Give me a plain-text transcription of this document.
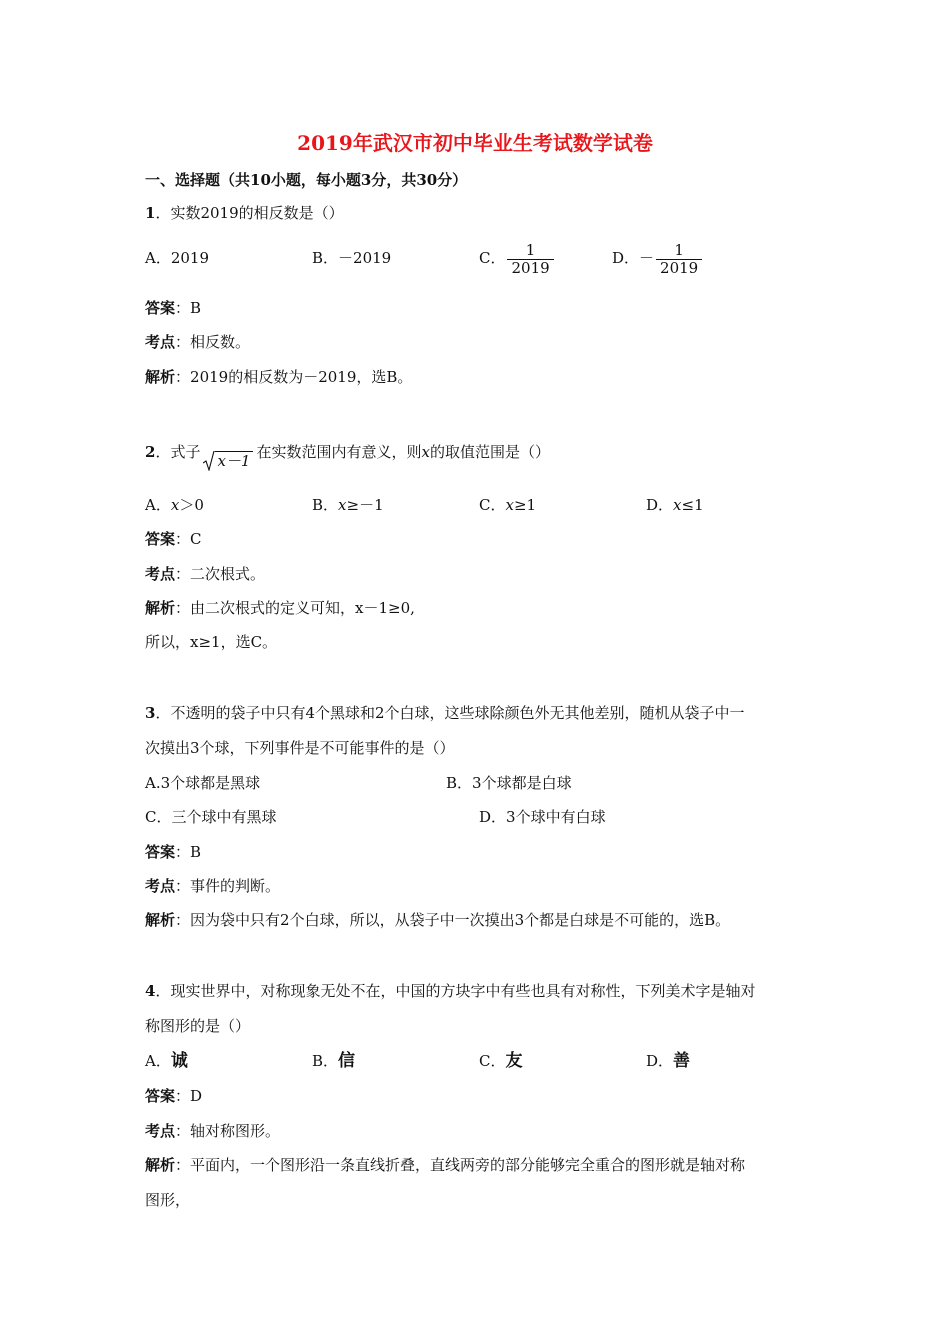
2019年武汉市初中毕业生考试数学试卷
一、选择题（共10小题，每小题3分，共30分）
1．实数2019的相反数是（）
A．2019	B．－2019	C． $\frac{1}{2019}$	D．－ $\frac{1}{2019}$
答案：B
考点：相反数。
解析：2019的相反数为－2019，选B。
2．式子 x－1 在实数范围内有意义，则x的取值范围是（）
A．x＞0	B．x≥－1	C．x≥1	D．x≤1
答案：C
考点：二次根式。
解析：由二次根式的定义可知，x－1≥0,
所以，x≥1，选C。
3．不透明的袋子中只有4个黑球和2个白球，这些球除颜色外无其他差别，随机从袋子中一
次摸出3个球，下列事件是不可能事件的是（）
A.3个球都是黑球	B．3个球都是白球
C．三个球中有黑球	D．3个球中有白球
答案：B
考点：事件的判断。
解析：因为袋中只有2个白球，所以，从袋子中一次摸出3个都是白球是不可能的，选B。
4．现实世界中，对称现象无处不在，中国的方块字中有些也具有对称性，下列美术字是轴对
称图形的是（）
A．诚	B．信	C．友	D．善
答案：D
考点：轴对称图形。
解析：平面内，一个图形沿一条直线折叠，直线两旁的部分能够完全重合的图形就是轴对称
图形，
